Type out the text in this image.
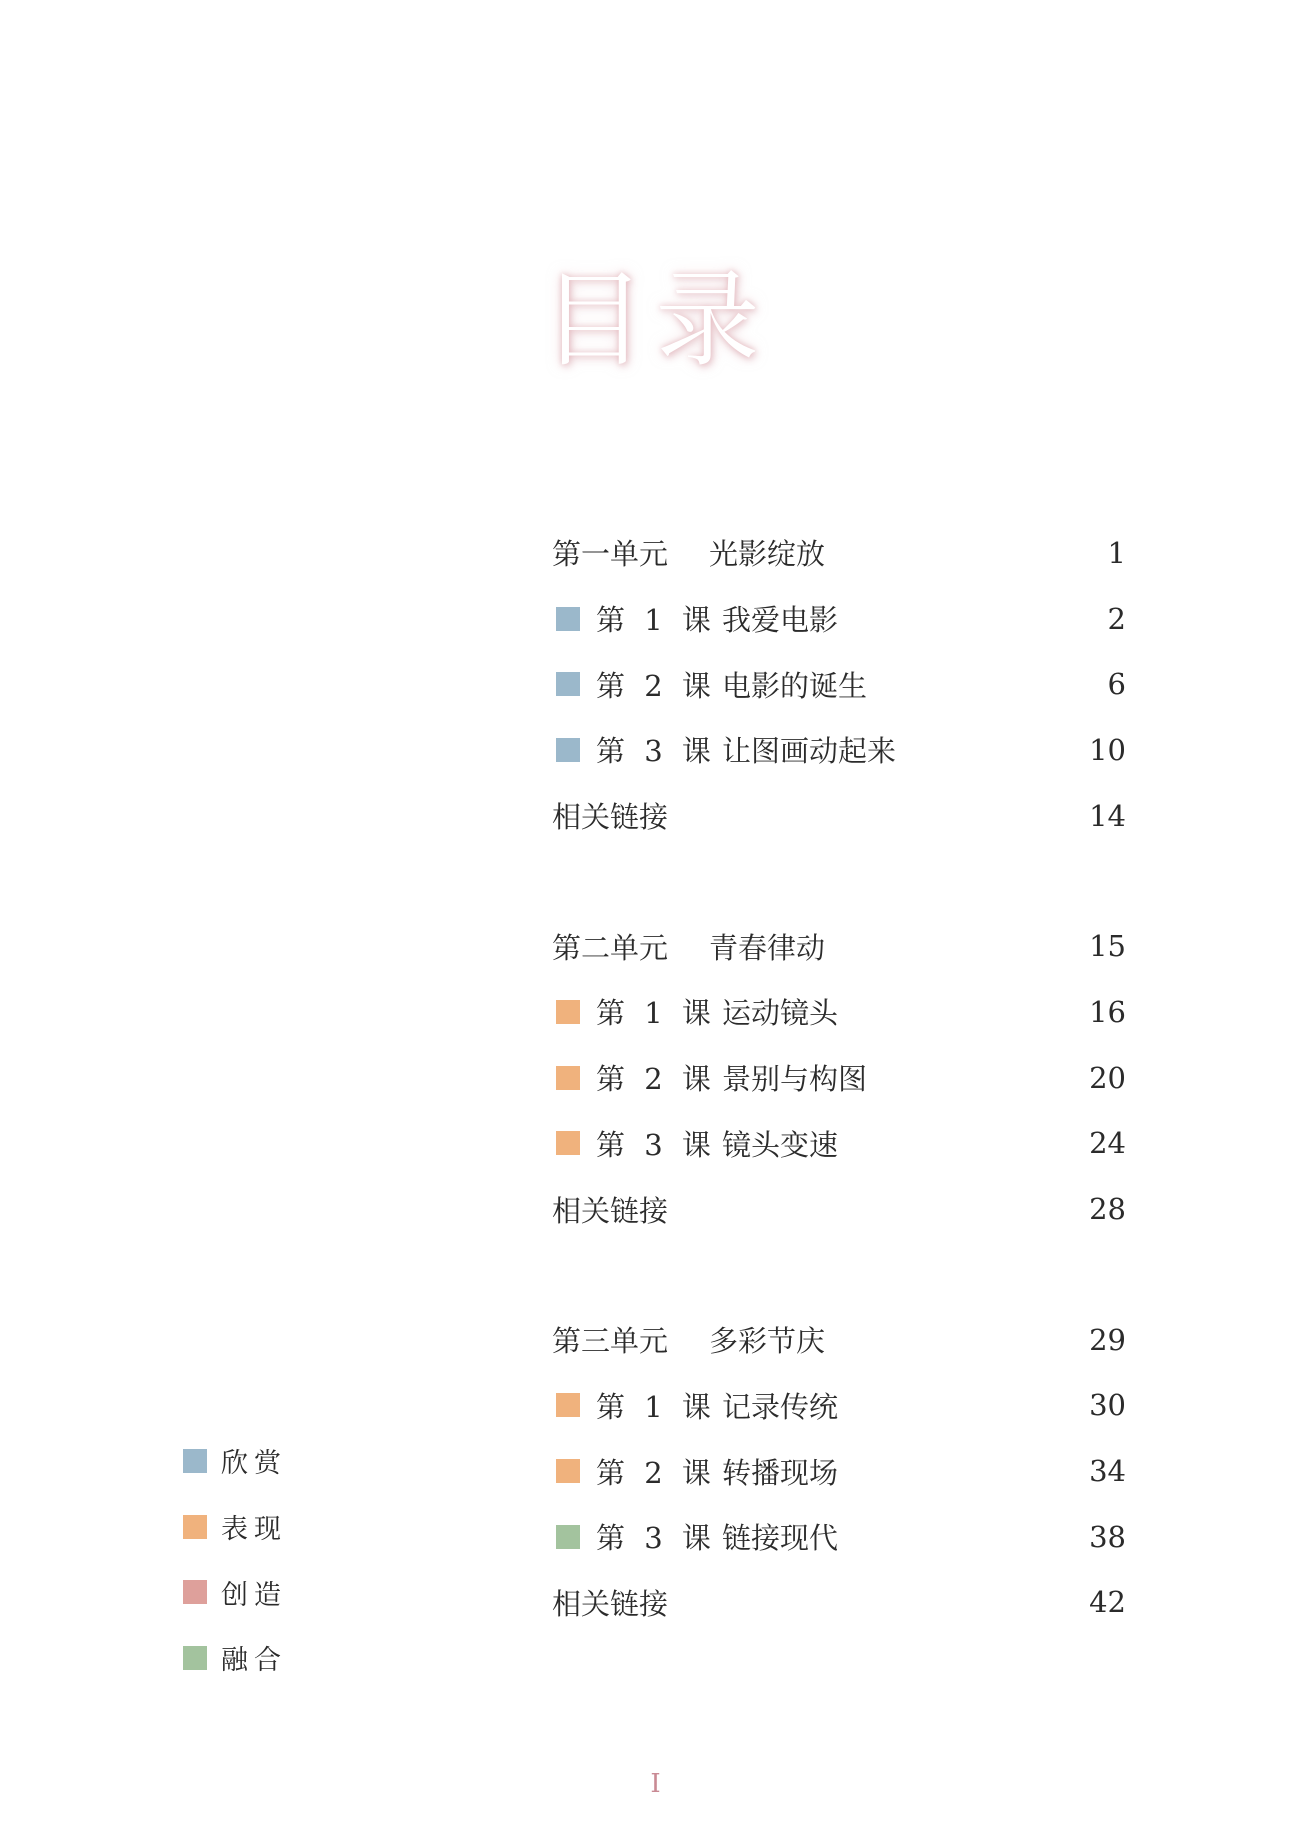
目录
第一单元	光影绽放	1
第 1 课 我爱电影	2
第 2 课 电影的诞生	6
第 3 课 让图画动起来	10
相关链接	14
第二单元	青春律动	15
第 1 课 运动镜头	16
第 2 课 景别与构图	20
第 3 课 镜头变速	24
相关链接	28
第三单元	多彩节庆	29
第 1 课 记录传统	30
第 2 课 转播现场	34
第 3 课 链接现代	38
相关链接	42
欣赏
表现
创造
融合
I
